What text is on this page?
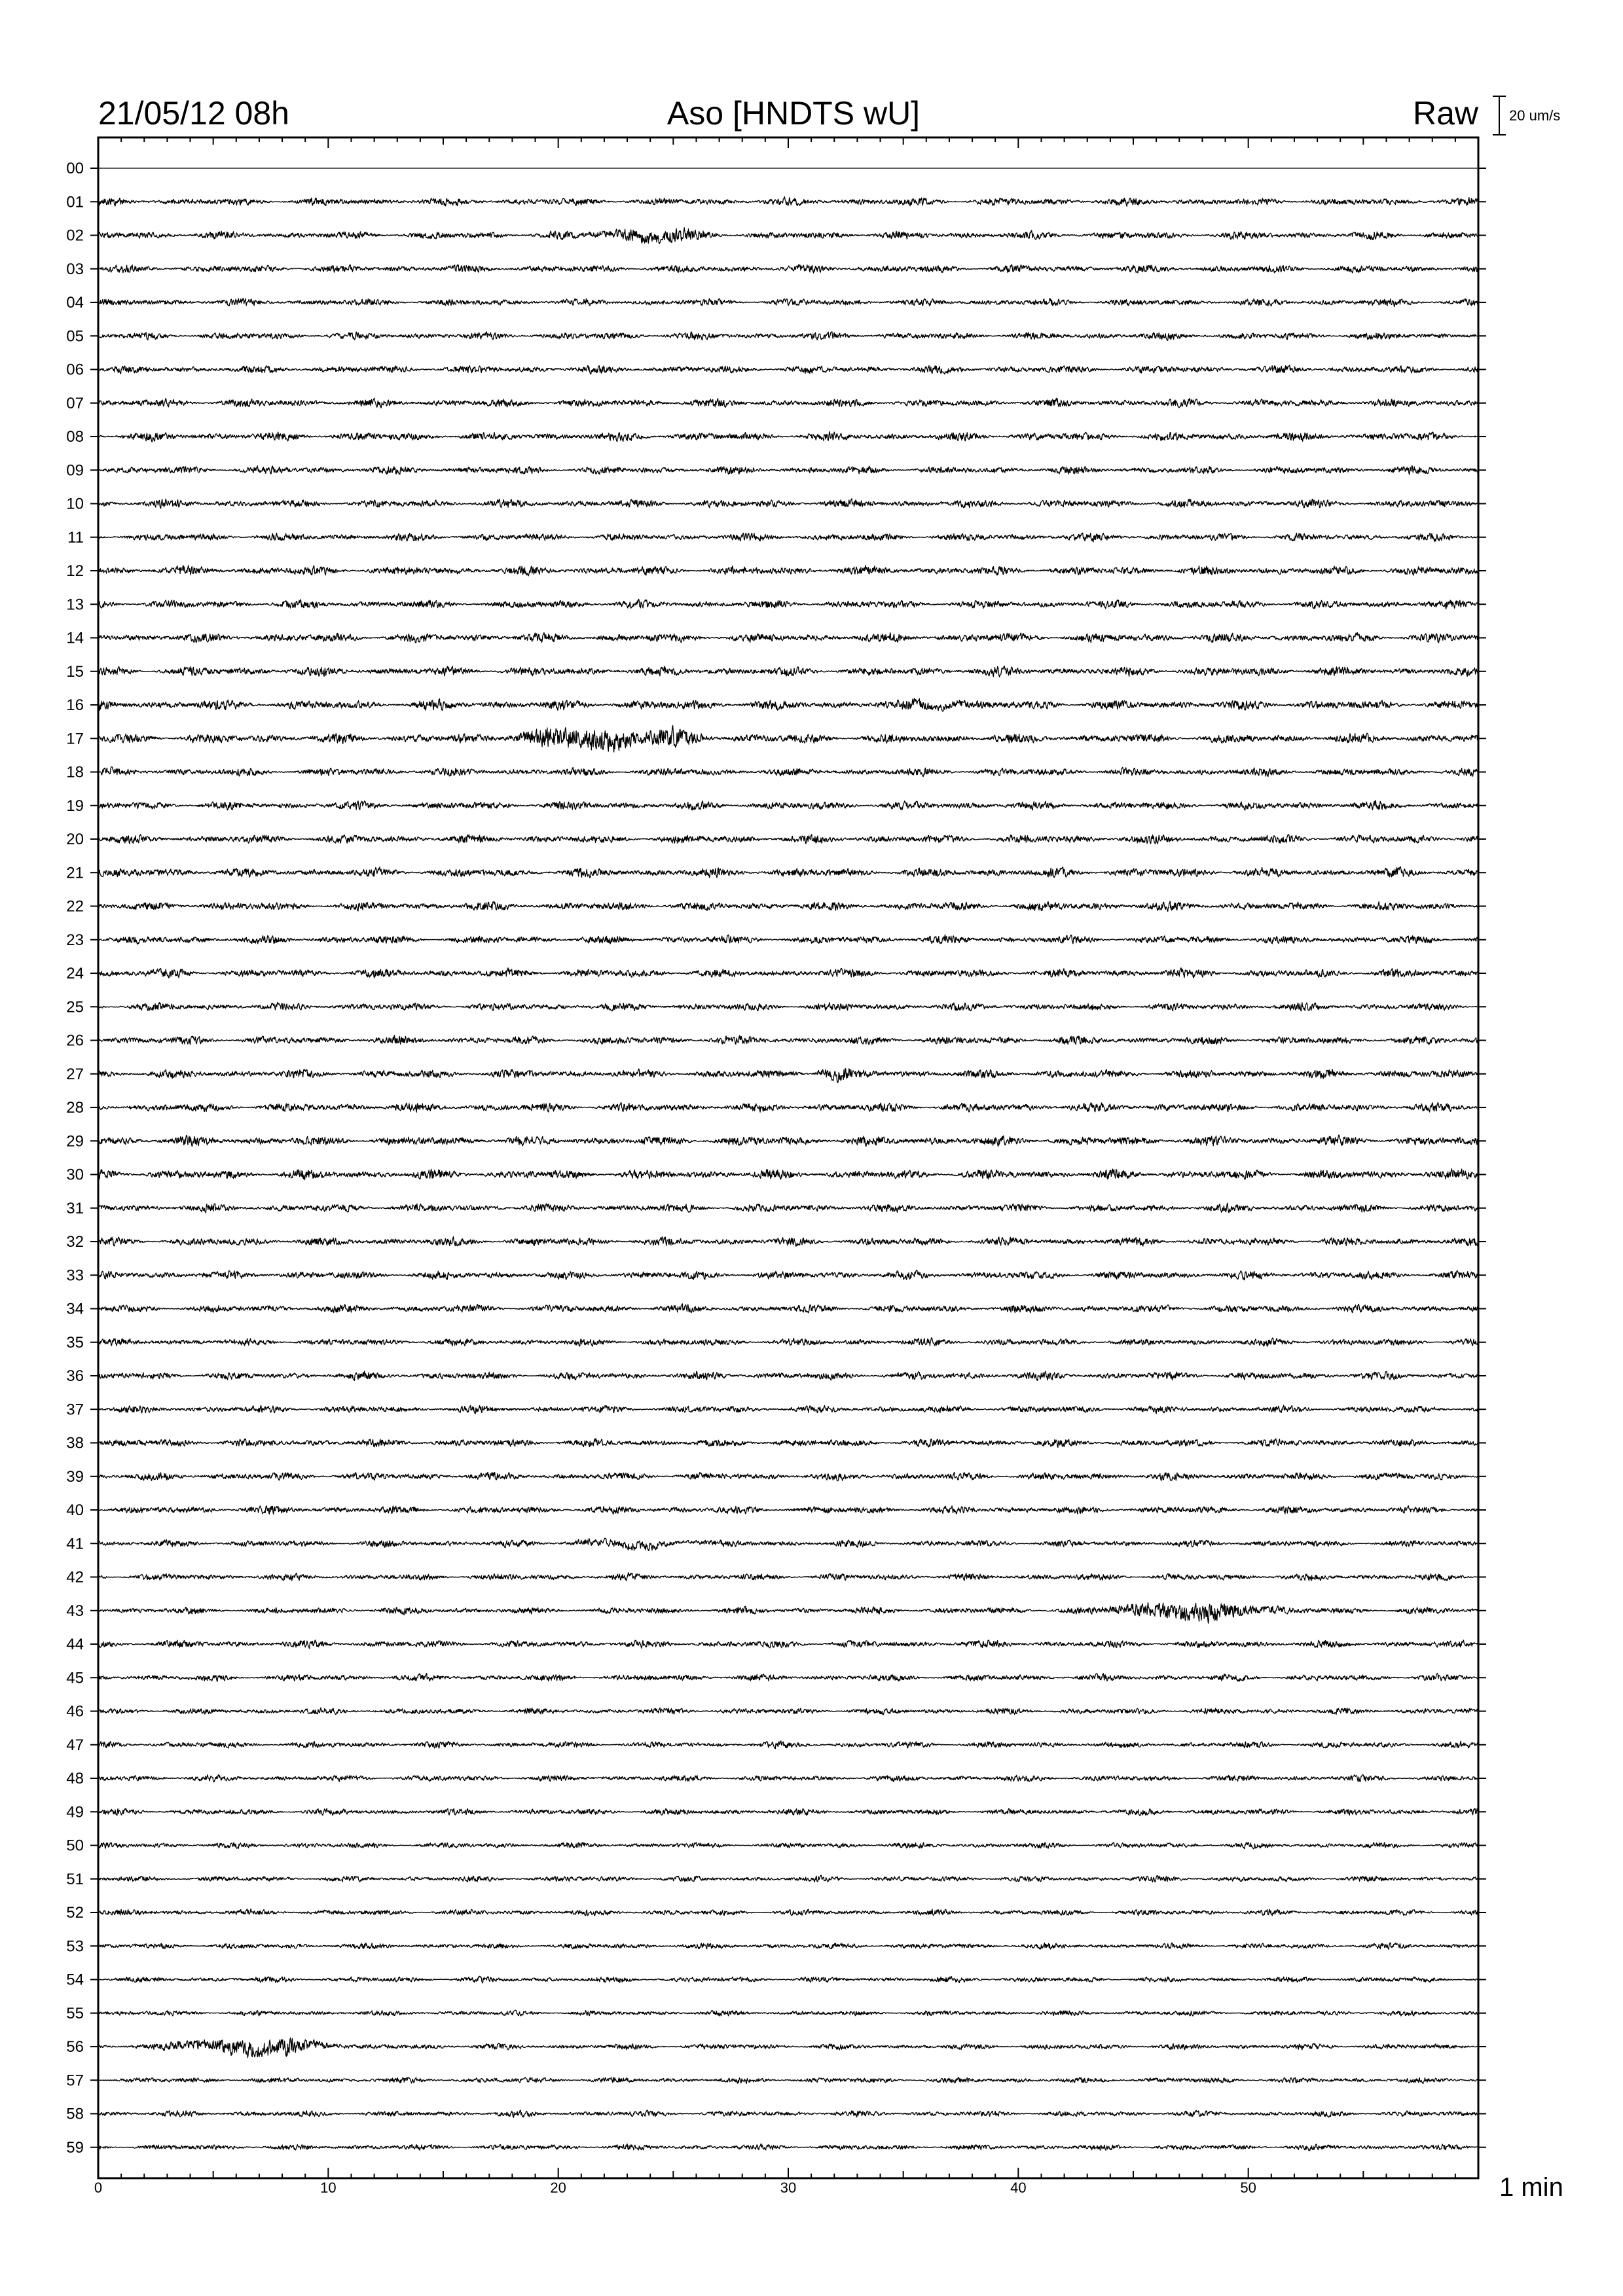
21/05/12 08h	Aso [HNDTS wU]	Raw 20 um/s
0	10	20	30	40	50
00
01
02
03
04
05
06
07
08
09
10
11
12
13
14
15
16
17
18
19
20
21
22
23
24
25
26
27
28
29
30
31
32
33
34
35
36
37
38
39
40
41
42
43
44
45
46
47
48
49
50
51
52
53
54
55
56
57
58
59
1 min
